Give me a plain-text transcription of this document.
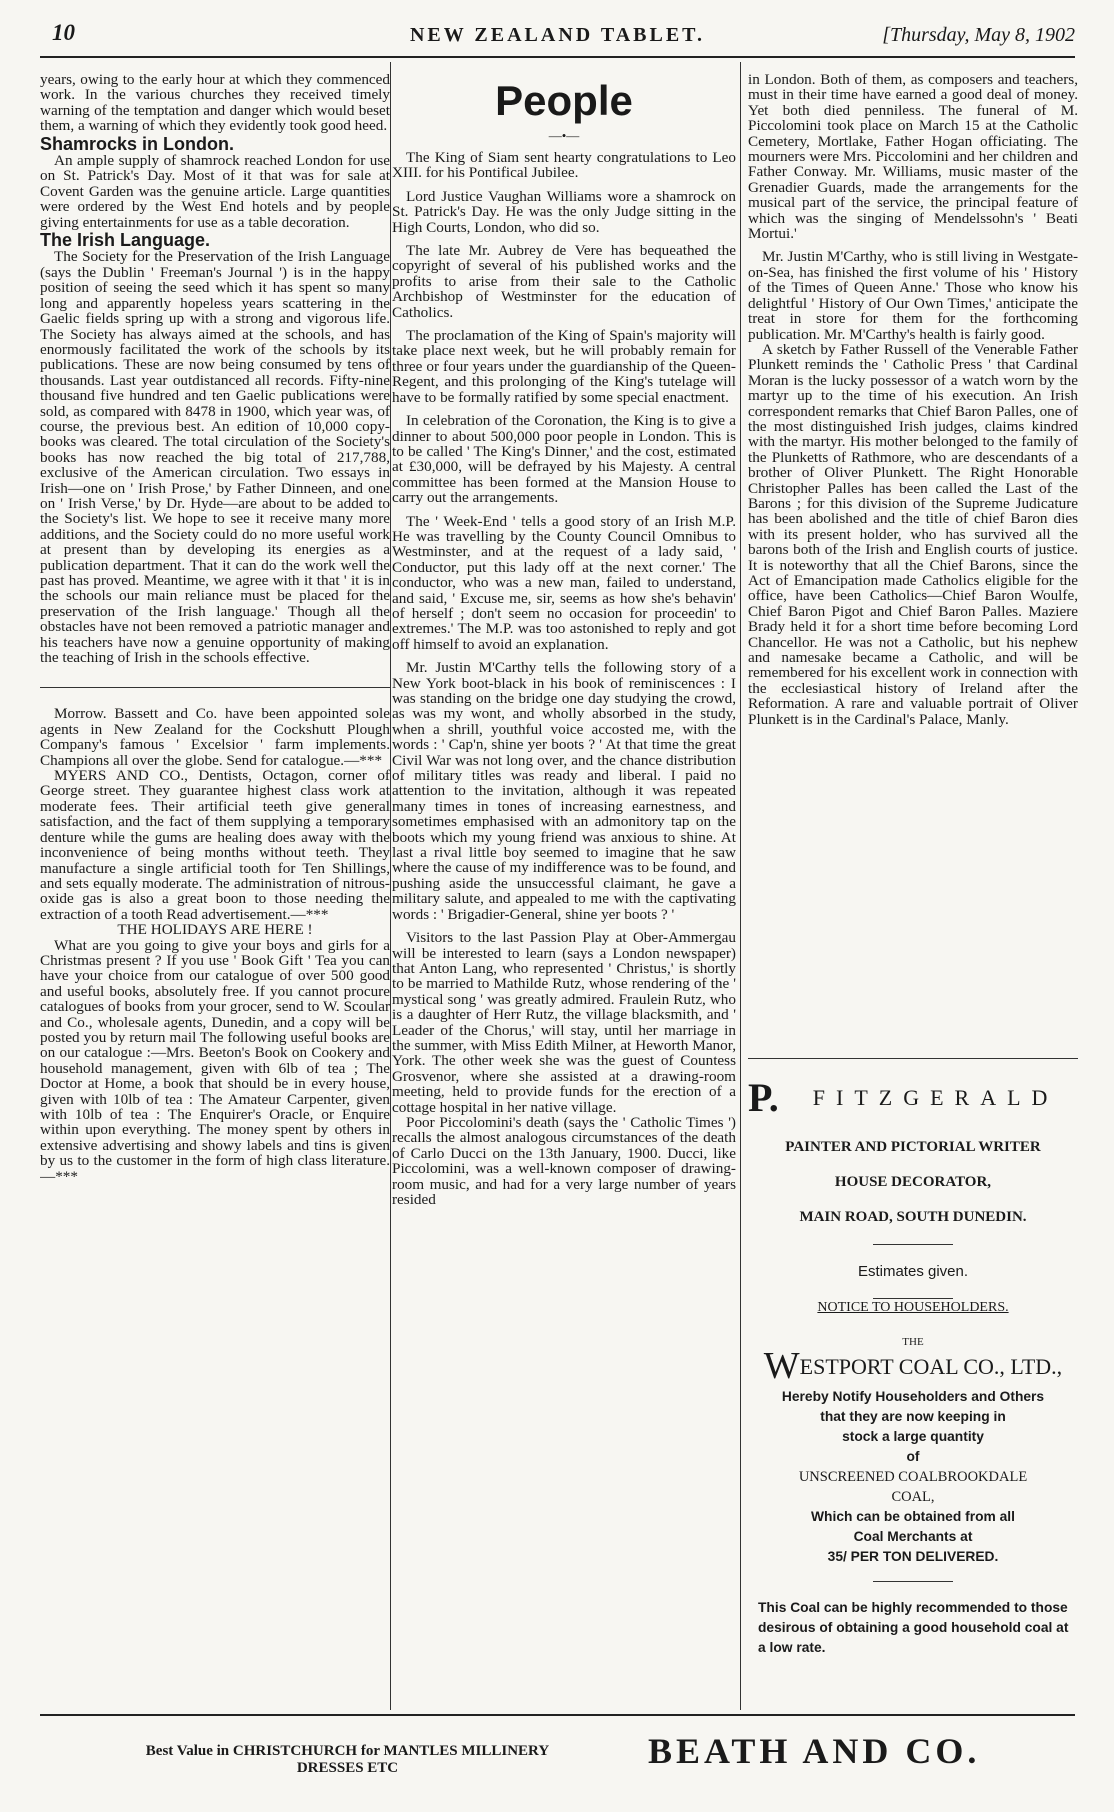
10	NEW ZEALAND TABLET.	[Thursday, May 8, 1902

years, owing to the early hour at which they commenced work. In the various churches they received timely warning of the temptation and danger which would beset them, a warning of which they evidently took good heed.

Shamrocks in London.

An ample supply of shamrock reached London for use on St. Patrick's Day. Most of it that was for sale at Covent Garden was the genuine article. Large quantities were ordered by the West End hotels and by people giving entertainments for use as a table decoration.

The Irish Language.

The Society for the Preservation of the Irish Language (says the Dublin ' Freeman's Journal ') is in the happy position of seeing the seed which it has spent so many long and apparently hopeless years scattering in the Gaelic fields spring up with a strong and vigorous life. The Society has always aimed at the schools, and has enormously facilitated the work of the schools by its publications. These are now being consumed by tens of thousands. Last year outdistanced all records. Fifty-nine thousand five hundred and ten Gaelic publications were sold, as compared with 8478 in 1900, which year was, of course, the previous best. An edition of 10,000 copy-books was cleared. The total circulation of the Society's books has now reached the big total of 217,788, exclusive of the American circulation. Two essays in Irish—one on ' Irish Prose,' by Father Dinneen, and one on ' Irish Verse,' by Dr. Hyde—are about to be added to the Society's list. We hope to see it receive many more additions, and the Society could do no more useful work at present than by developing its energies as a publication department. That it can do the work well the past has proved. Meantime, we agree with it that ' it is in the schools our main reliance must be placed for the preservation of the Irish language.' Though all the obstacles have not been removed a patriotic manager and his teachers have now a genuine opportunity of making the teaching of Irish in the schools effective.

Morrow. Bassett and Co. have been appointed sole agents in New Zealand for the Cockshutt Plough Company's famous ' Excelsior ' farm implements. Champions all over the globe. Send for catalogue.—***

MYERS AND CO., Dentists, Octagon, corner of George street. They guarantee highest class work at moderate fees. Their artificial teeth give general satisfaction, and the fact of them supplying a temporary denture while the gums are healing does away with the inconvenience of being months without teeth. They manufacture a single artificial tooth for Ten Shillings, and sets equally moderate. The administration of nitrous-oxide gas is also a great boon to those needing the extraction of a tooth Read advertisement.—***

THE HOLIDAYS ARE HERE !

What are you going to give your boys and girls for a Christmas present ? If you use ' Book Gift ' Tea you can have your choice from our catalogue of over 500 good and useful books, absolutely free. If you cannot procure catalogues of books from your grocer, send to W. Scoular and Co., wholesale agents, Dunedin, and a copy will be posted you by return mail The following useful books are on our catalogue :—Mrs. Beeton's Book on Cookery and household management, given with 6lb of tea ; The Doctor at Home, a book that should be in every house, given with 10lb of tea : The Amateur Carpenter, given with 10lb of tea : The Enquirer's Oracle, or Enquire within upon everything. The money spent by others in extensive advertising and showy labels and tins is given by us to the customer in the form of high class literature.—***

People
—•—

The King of Siam sent hearty congratulations to Leo XIII. for his Pontifical Jubilee.

Lord Justice Vaughan Williams wore a shamrock on St. Patrick's Day. He was the only Judge sitting in the High Courts, London, who did so.

The late Mr. Aubrey de Vere has bequeathed the copyright of several of his published works and the profits to arise from their sale to the Catholic Archbishop of Westminster for the education of Catholics.

The proclamation of the King of Spain's majority will take place next week, but he will probably remain for three or four years under the guardianship of the Queen-Regent, and this prolonging of the King's tutelage will have to be formally ratified by some special enactment.

In celebration of the Coronation, the King is to give a dinner to about 500,000 poor people in London. This is to be called ' The King's Dinner,' and the cost, estimated at £30,000, will be defrayed by his Majesty. A central committee has been formed at the Mansion House to carry out the arrangements.

The ' Week-End ' tells a good story of an Irish M.P. He was travelling by the County Council Omnibus to Westminster, and at the request of a lady said, ' Conductor, put this lady off at the next corner.' The conductor, who was a new man, failed to understand, and said, ' Excuse me, sir, seems as how she's behavin' of herself ; don't seem no occasion for proceedin' to extremes.' The M.P. was too astonished to reply and got off himself to avoid an explanation.

Mr. Justin M'Carthy tells the following story of a New York boot-black in his book of reminiscences : I was standing on the bridge one day studying the crowd, as was my wont, and wholly absorbed in the study, when a shrill, youthful voice accosted me, with the words : ' Cap'n, shine yer boots ? ' At that time the great Civil War was not long over, and the chance distribution of military titles was ready and liberal. I paid no attention to the invitation, although it was repeated many times in tones of increasing earnestness, and sometimes emphasised with an admonitory tap on the boots which my young friend was anxious to shine. At last a rival little boy seemed to imagine that he saw where the cause of my indifference was to be found, and pushing aside the unsuccessful claimant, he gave a military salute, and appealed to me with the captivating words : ' Brigadier-General, shine yer boots ? '

Visitors to the last Passion Play at Ober-Ammergau will be interested to learn (says a London newspaper) that Anton Lang, who represented ' Christus,' is shortly to be married to Mathilde Rutz, whose rendering of the ' mystical song ' was greatly admired. Fraulein Rutz, who is a daughter of Herr Rutz, the village blacksmith, and ' Leader of the Chorus,' will stay, until her marriage in the summer, with Miss Edith Milner, at Heworth Manor, York. The other week she was the guest of Countess Grosvenor, where she assisted at a drawing-room meeting, held to provide funds for the erection of a cottage hospital in her native village.

Poor Piccolomini's death (says the ' Catholic Times ') recalls the almost analogous circumstances of the death of Carlo Ducci on the 13th January, 1900. Ducci, like Piccolomini, was a well-known composer of drawing-room music, and had for a very large number of years resided

in London. Both of them, as composers and teachers, must in their time have earned a good deal of money. Yet both died penniless. The funeral of M. Piccolomini took place on March 15 at the Catholic Cemetery, Mortlake, Father Hogan officiating. The mourners were Mrs. Piccolomini and her children and Father Conway. Mr. Williams, music master of the Grenadier Guards, made the arrangements for the musical part of the service, the principal feature of which was the singing of Mendelssohn's ' Beati Mortui.'

Mr. Justin M'Carthy, who is still living in Westgate-on-Sea, has finished the first volume of his ' History of the Times of Queen Anne.' Those who know his delightful ' History of Our Own Times,' anticipate the treat in store for them for the forthcoming publication. Mr. M'Carthy's health is fairly good.

A sketch by Father Russell of the Venerable Father Plunkett reminds the ' Catholic Press ' that Cardinal Moran is the lucky possessor of a watch worn by the martyr up to the time of his execution. An Irish correspondent remarks that Chief Baron Palles, one of the most distinguished Irish judges, claims kindred with the martyr. His mother belonged to the family of the Plunketts of Rathmore, who are descendants of a brother of Oliver Plunkett. The Right Honorable Christopher Palles has been called the Last of the Barons ; for this division of the Supreme Judicature has been abolished and the title of chief Baron dies with its present holder, who has survived all the barons both of the Irish and English courts of justice. It is noteworthy that all the Chief Barons, since the Act of Emancipation made Catholics eligible for the office, have been Catholics—Chief Baron Woulfe, Chief Baron Pigot and Chief Baron Palles. Maziere Brady held it for a short time before becoming Lord Chancellor. He was not a Catholic, but his nephew and namesake became a Catholic, and will be remembered for his excellent work in connection with the ecclesiastical history of Ireland after the Reformation. A rare and valuable portrait of Oliver Plunkett is in the Cardinal's Palace, Manly.

P. FITZGERALD
PAINTER AND PICTORIAL WRITER
HOUSE DECORATOR,
MAIN ROAD, SOUTH DUNEDIN.
Estimates given.
NOTICE TO HOUSEHOLDERS.
THE
WESTPORT COAL CO., LTD.,
Hereby Notify Householders and Others
that they are now keeping in
stock a large quantity
of
UNSCREENED COALBROOKDALE
COAL,
Which can be obtained from all
Coal Merchants at
35/ PER TON DELIVERED.
This Coal can be highly recommended to those desirous of obtaining a good household coal at a low rate.
Best Value in CHRISTCHURCH for MANTLES MILLINERY
DRESSES ETC	BEATH AND CO.
